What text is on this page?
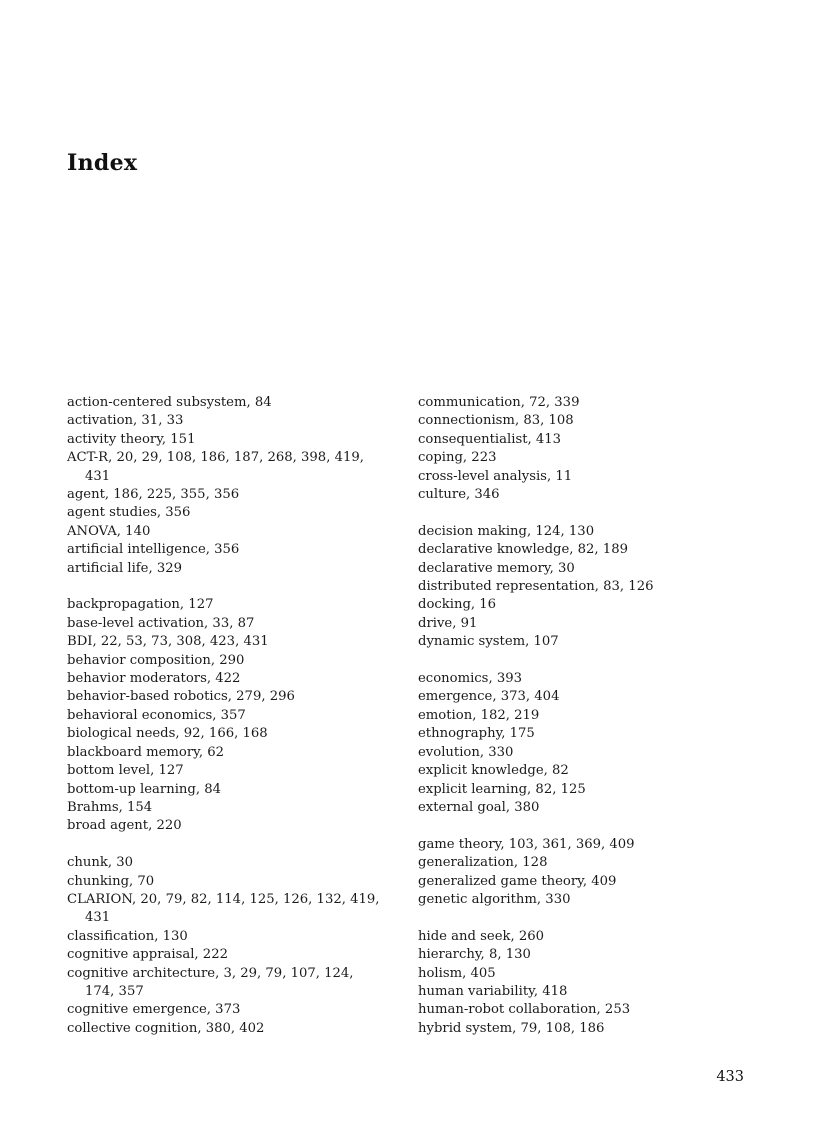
Index

action-centered subsystem, 84

activation, 31, 33

activity theory, 151

ACT-R, 20, 29, 108, 186, 187, 268, 398, 419, 431

agent, 186, 225, 355, 356

agent studies, 356

ANOVA, 140

artificial intelligence, 356

artificial life, 329

backpropagation, 127

base-level activation, 33, 87

BDI, 22, 53, 73, 308, 423, 431

behavior composition, 290

behavior moderators, 422

behavior-based robotics, 279, 296

behavioral economics, 357

biological needs, 92, 166, 168

blackboard memory, 62

bottom level, 127

bottom-up learning, 84

Brahms, 154

broad agent, 220

chunk, 30

chunking, 70

CLARION, 20, 79, 82, 114, 125, 126, 132, 419, 431

classification, 130

cognitive appraisal, 222

cognitive architecture, 3, 29, 79, 107, 124, 174, 357

cognitive emergence, 373

collective cognition, 380, 402

communication, 72, 339

connectionism, 83, 108

consequentialist, 413

coping, 223

cross-level analysis, 11

culture, 346

decision making, 124, 130

declarative knowledge, 82, 189

declarative memory, 30

distributed representation, 83, 126

docking, 16

drive, 91

dynamic system, 107

economics, 393

emergence, 373, 404

emotion, 182, 219

ethnography, 175

evolution, 330

explicit knowledge, 82

explicit learning, 82, 125

external goal, 380

game theory, 103, 361, 369, 409

generalization, 128

generalized game theory, 409

genetic algorithm, 330

hide and seek, 260

hierarchy, 8, 130

holism, 405

human variability, 418

human-robot collaboration, 253

hybrid system, 79, 108, 186

433
